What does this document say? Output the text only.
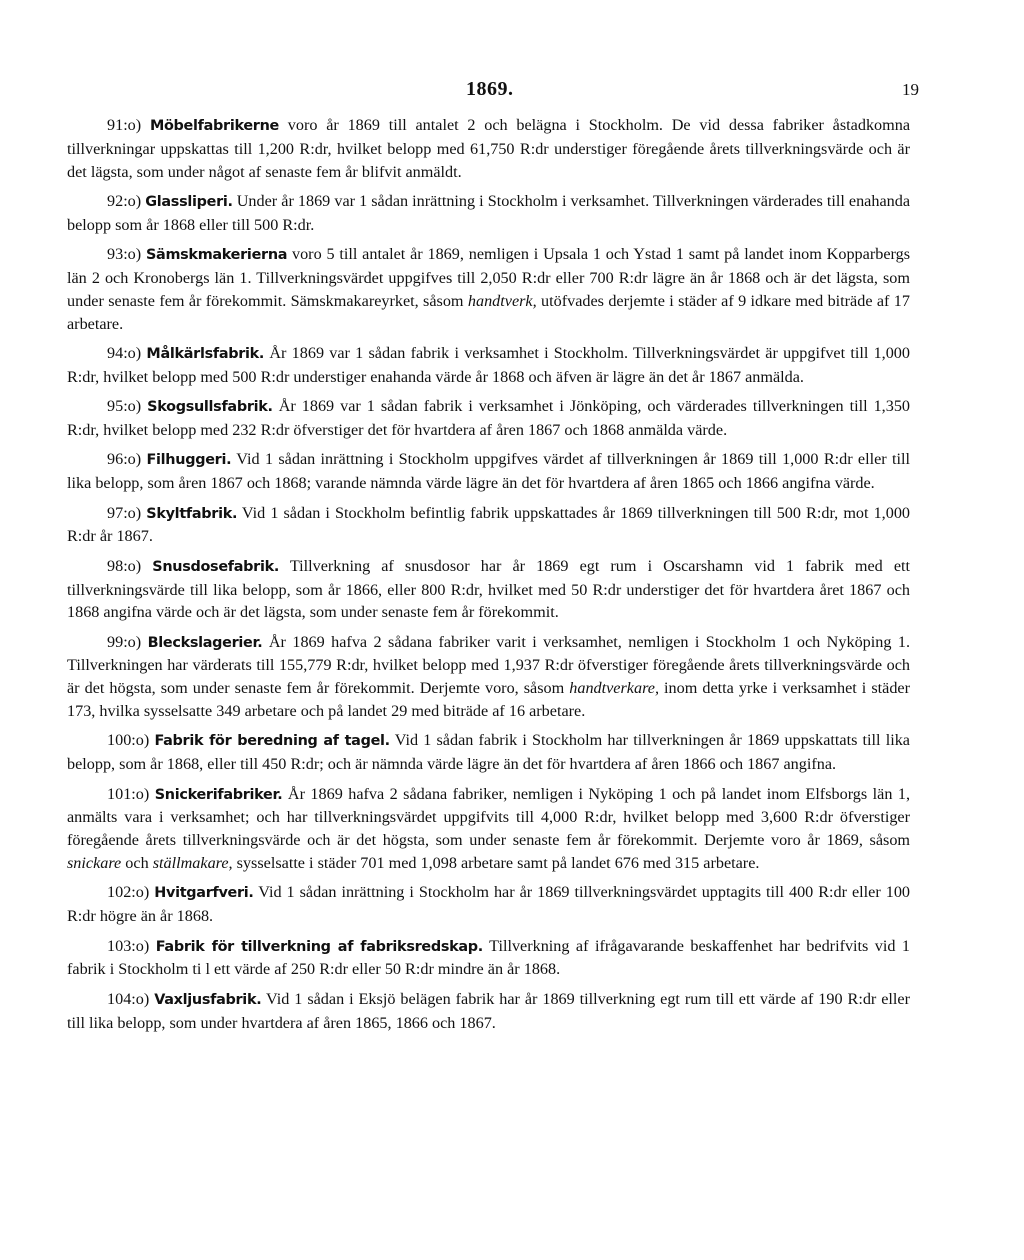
1869.	19

91:o) Möbelfabrikerne voro år 1869 till antalet 2 och belägna i Stockholm. De vid dessa fabriker åstadkomna tillverkningar uppskattas till 1,200 R:dr, hvilket belopp med 61,750 R:dr understiger föregående årets tillverkningsvärde och är det lägsta, som under något af senaste fem år blifvit anmäldt.

92:o) Glassliperi. Under år 1869 var 1 sådan inrättning i Stockholm i verksamhet. Tillverkningen värderades till enahanda belopp som år 1868 eller till 500 R:dr.

93:o) Sämskmakerierna voro 5 till antalet år 1869, nemligen i Upsala 1 och Ystad 1 samt på landet inom Kopparbergs län 2 och Kronobergs län 1. Tillverkningsvärdet uppgifves till 2,050 R:dr eller 700 R:dr lägre än år 1868 och är det lägsta, som under senaste fem år förekommit. Sämskmakareyrket, såsom handtverk, utöfvades derjemte i städer af 9 idkare med biträde af 17 arbetare.

94:o) Målkärlsfabrik. År 1869 var 1 sådan fabrik i verksamhet i Stockholm. Tillverkningsvärdet är uppgifvet till 1,000 R:dr, hvilket belopp med 500 R:dr understiger enahanda värde år 1868 och äfven är lägre än det år 1867 anmälda.

95:o) Skogsullsfabrik. År 1869 var 1 sådan fabrik i verksamhet i Jönköping, och värderades tillverkningen till 1,350 R:dr, hvilket belopp med 232 R:dr öfverstiger det för hvartdera af åren 1867 och 1868 anmälda värde.

96:o) Filhuggeri. Vid 1 sådan inrättning i Stockholm uppgifves värdet af tillverkningen år 1869 till 1,000 R:dr eller till lika belopp, som åren 1867 och 1868; varande nämnda värde lägre än det för hvartdera af åren 1865 och 1866 angifna värde.

97:o) Skyltfabrik. Vid 1 sådan i Stockholm befintlig fabrik uppskattades år 1869 tillverkningen till 500 R:dr, mot 1,000 R:dr år 1867.

98:o) Snusdosefabrik. Tillverkning af snusdosor har år 1869 egt rum i Oscarshamn vid 1 fabrik med ett tillverkningsvärde till lika belopp, som år 1866, eller 800 R:dr, hvilket med 50 R:dr understiger det för hvartdera året 1867 och 1868 angifna värde och är det lägsta, som under senaste fem år förekommit.

99:o) Bleckslagerier. År 1869 hafva 2 sådana fabriker varit i verksamhet, nemligen i Stockholm 1 och Nyköping 1. Tillverkningen har värderats till 155,779 R:dr, hvilket belopp med 1,937 R:dr öfverstiger föregående årets tillverkningsvärde och är det högsta, som under senaste fem år förekommit. Derjemte voro, såsom handtverkare, inom detta yrke i verksamhet i städer 173, hvilka sysselsatte 349 arbetare och på landet 29 med biträde af 16 arbetare.

100:o) Fabrik för beredning af tagel. Vid 1 sådan fabrik i Stockholm har tillverkningen år 1869 uppskattats till lika belopp, som år 1868, eller till 450 R:dr; och är nämnda värde lägre än det för hvartdera af åren 1866 och 1867 angifna.

101:o) Snickerifabriker. År 1869 hafva 2 sådana fabriker, nemligen i Nyköping 1 och på landet inom Elfsborgs län 1, anmälts vara i verksamhet; och har tillverkningsvärdet uppgifvits till 4,000 R:dr, hvilket belopp med 3,600 R:dr öfverstiger föregående årets tillverkningsvärde och är det högsta, som under senaste fem år förekommit. Derjemte voro år 1869, såsom snickare och ställmakare, sysselsatte i städer 701 med 1,098 arbetare samt på landet 676 med 315 arbetare.

102:o) Hvitgarfveri. Vid 1 sådan inrättning i Stockholm har år 1869 tillverkningsvärdet upptagits till 400 R:dr eller 100 R:dr högre än år 1868.

103:o) Fabrik för tillverkning af fabriksredskap. Tillverkning af ifrågavarande beskaffenhet har bedrifvits vid 1 fabrik i Stockholm ti l ett värde af 250 R:dr eller 50 R:dr mindre än år 1868.

104:o) Vaxljusfabrik. Vid 1 sådan i Eksjö belägen fabrik har år 1869 tillverkning egt rum till ett värde af 190 R:dr eller till lika belopp, som under hvartdera af åren 1865, 1866 och 1867.
